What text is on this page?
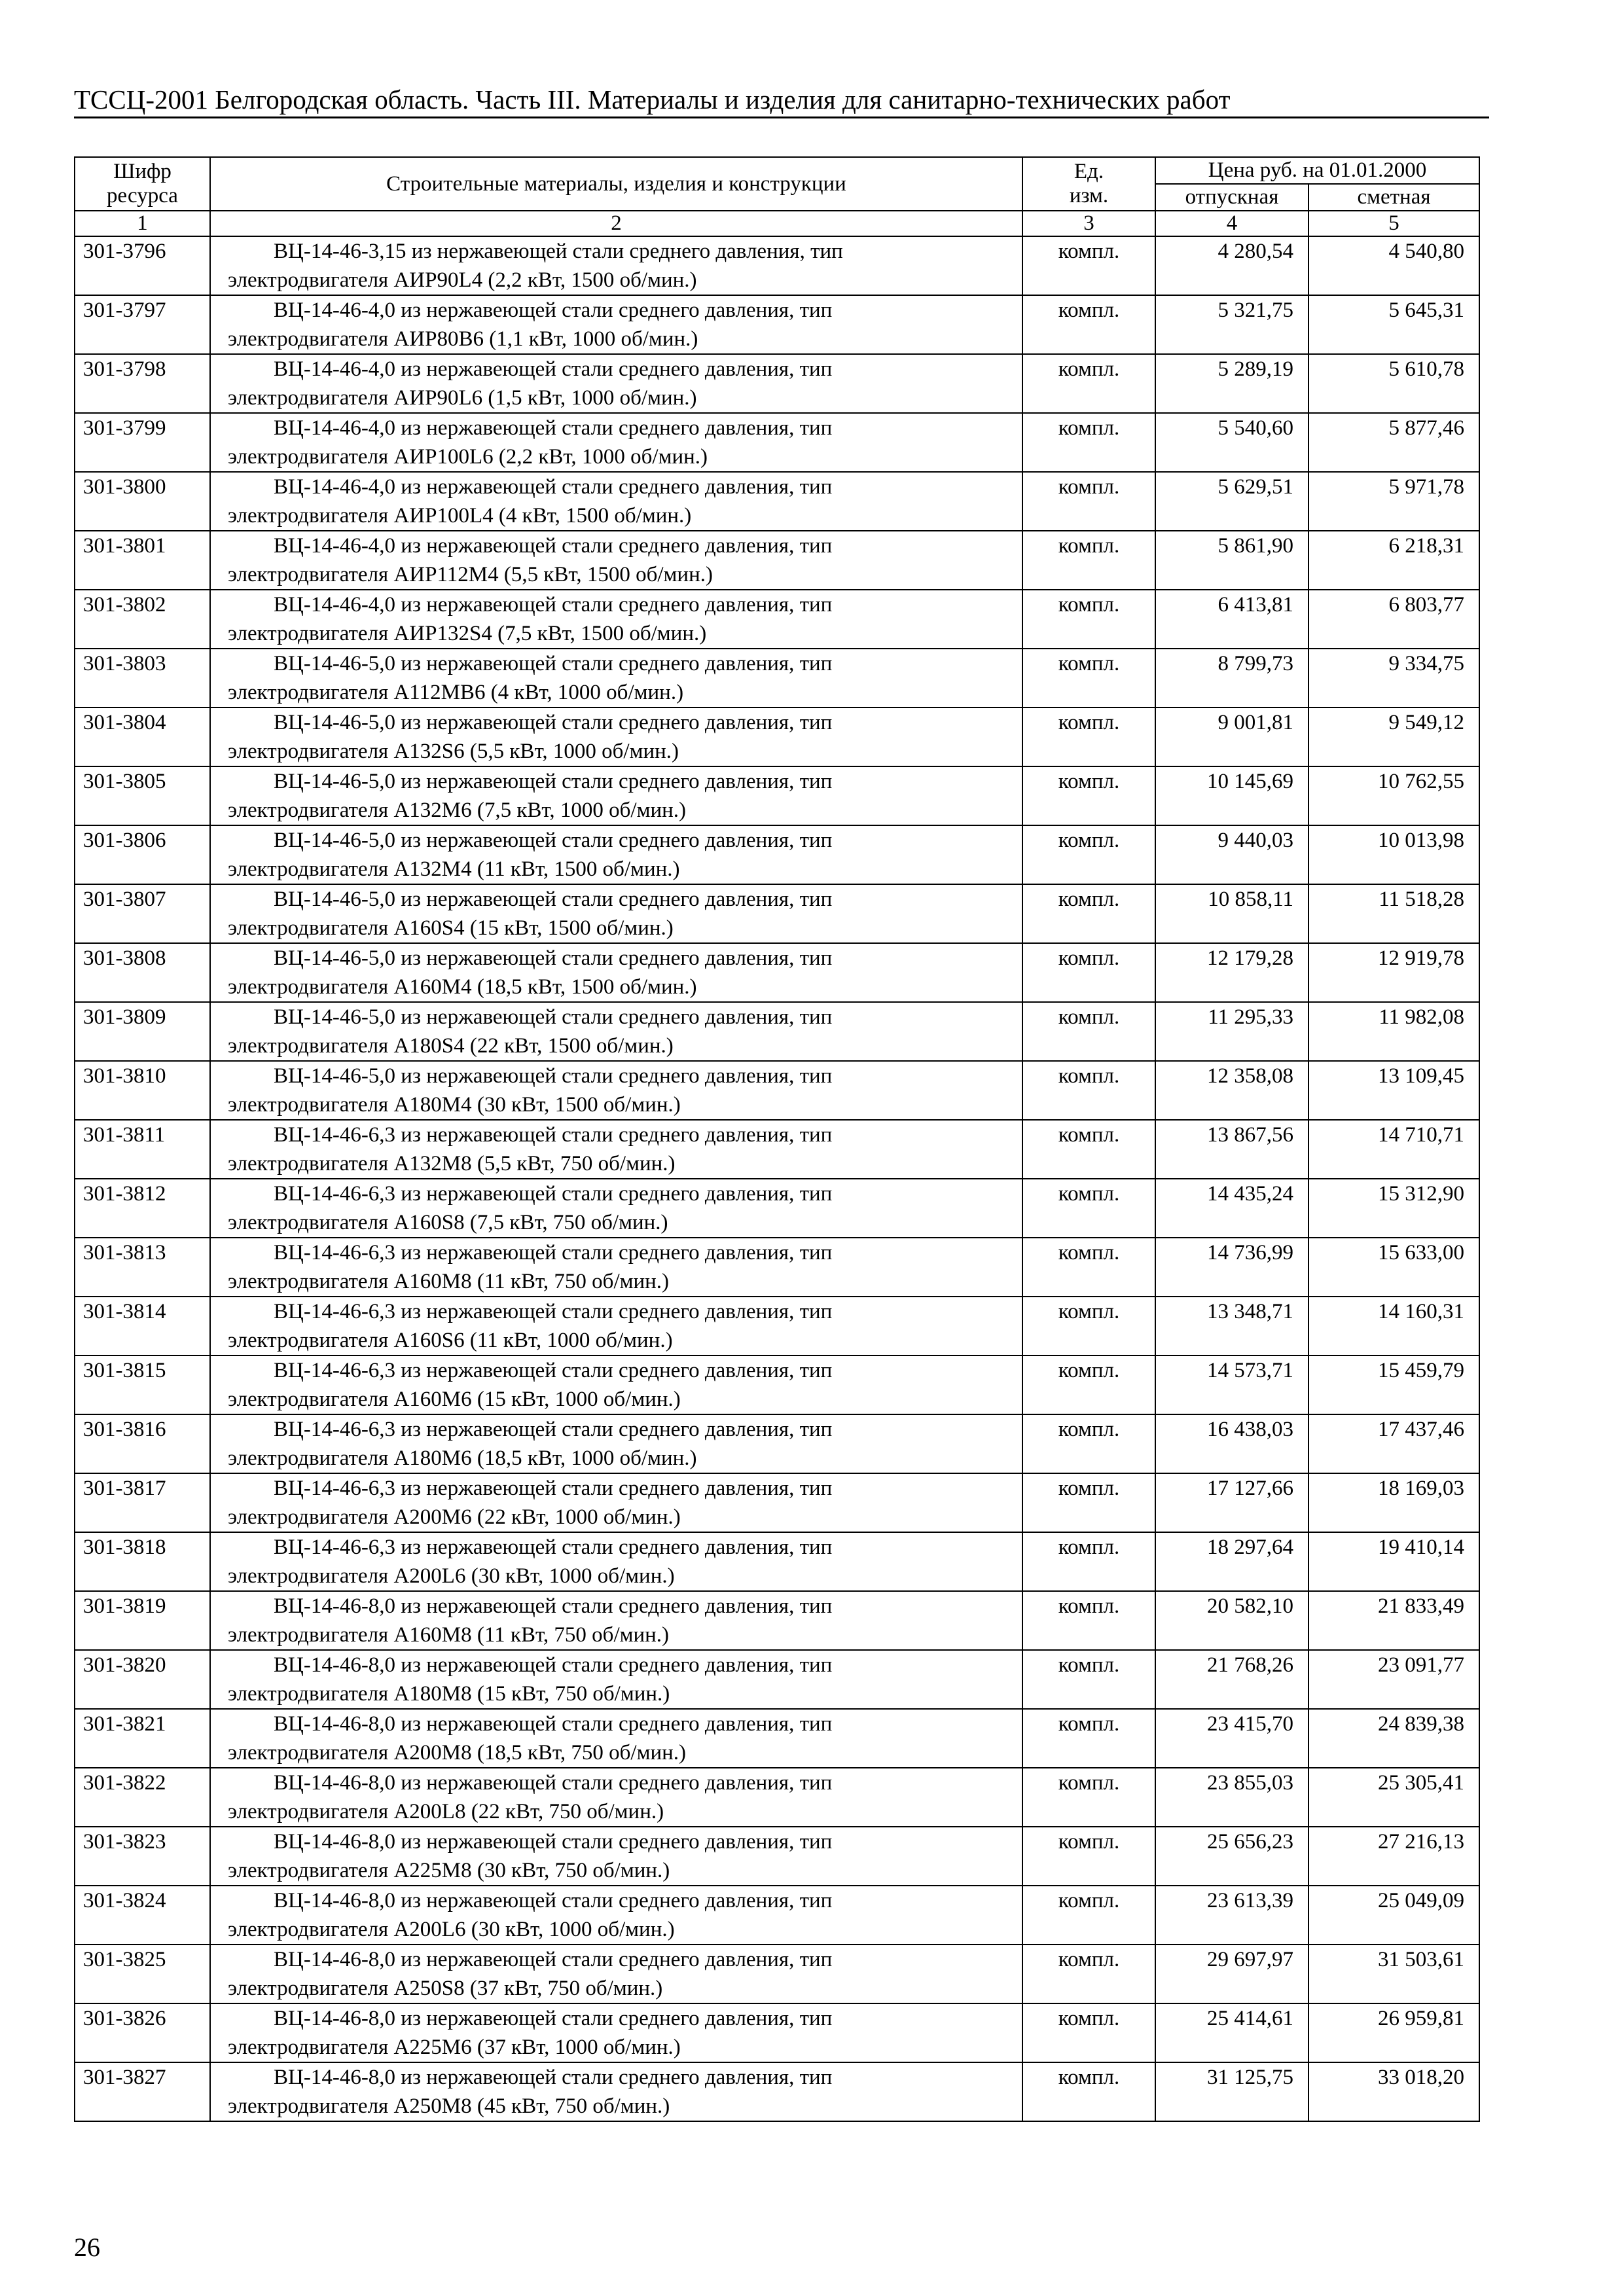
ТССЦ-2001 Белгородская область. Часть III. Материалы и изделия для санитарно-технических работ
Шифр
ресурса	Строительные материалы, изделия и конструкции	Ед.
изм.	Цена руб. на 01.01.2000	
			отпускная	сметная
1	2	3	4	5
301-3796	ВЦ-14-46-3,15 из нержавеющей стали среднего давления, тип
электродвигателя АИР90L4 (2,2 кВт, 1500 об/мин.)	компл.	4 280,54	4 540,80
301-3797	ВЦ-14-46-4,0 из нержавеющей стали среднего давления, тип
электродвигателя АИР80В6 (1,1 кВт, 1000 об/мин.)	компл.	5 321,75	5 645,31
301-3798	ВЦ-14-46-4,0 из нержавеющей стали среднего давления, тип
электродвигателя АИР90L6 (1,5 кВт, 1000 об/мин.)	компл.	5 289,19	5 610,78
301-3799	ВЦ-14-46-4,0 из нержавеющей стали среднего давления, тип
электродвигателя АИР100L6 (2,2 кВт, 1000 об/мин.)	компл.	5 540,60	5 877,46
301-3800	ВЦ-14-46-4,0 из нержавеющей стали среднего давления, тип
электродвигателя АИР100L4 (4 кВт, 1500 об/мин.)	компл.	5 629,51	5 971,78
301-3801	ВЦ-14-46-4,0 из нержавеющей стали среднего давления, тип
электродвигателя АИР112М4 (5,5 кВт, 1500 об/мин.)	компл.	5 861,90	6 218,31
301-3802	ВЦ-14-46-4,0 из нержавеющей стали среднего давления, тип
электродвигателя АИР132S4 (7,5 кВт, 1500 об/мин.)	компл.	6 413,81	6 803,77
301-3803	ВЦ-14-46-5,0 из нержавеющей стали среднего давления, тип
электродвигателя А112МВ6 (4 кВт, 1000 об/мин.)	компл.	8 799,73	9 334,75
301-3804	ВЦ-14-46-5,0 из нержавеющей стали среднего давления, тип
электродвигателя А132S6 (5,5 кВт, 1000 об/мин.)	компл.	9 001,81	9 549,12
301-3805	ВЦ-14-46-5,0 из нержавеющей стали среднего давления, тип
электродвигателя А132М6 (7,5 кВт, 1000 об/мин.)	компл.	10 145,69	10 762,55
301-3806	ВЦ-14-46-5,0 из нержавеющей стали среднего давления, тип
электродвигателя А132М4 (11 кВт, 1500 об/мин.)	компл.	9 440,03	10 013,98
301-3807	ВЦ-14-46-5,0 из нержавеющей стали среднего давления, тип
электродвигателя А160S4 (15 кВт, 1500 об/мин.)	компл.	10 858,11	11 518,28
301-3808	ВЦ-14-46-5,0 из нержавеющей стали среднего давления, тип
электродвигателя А160М4 (18,5 кВт, 1500 об/мин.)	компл.	12 179,28	12 919,78
301-3809	ВЦ-14-46-5,0 из нержавеющей стали среднего давления, тип
электродвигателя А180S4 (22 кВт, 1500 об/мин.)	компл.	11 295,33	11 982,08
301-3810	ВЦ-14-46-5,0 из нержавеющей стали среднего давления, тип
электродвигателя А180М4 (30 кВт, 1500 об/мин.)	компл.	12 358,08	13 109,45
301-3811	ВЦ-14-46-6,3 из нержавеющей стали среднего давления, тип
электродвигателя А132М8 (5,5 кВт, 750 об/мин.)	компл.	13 867,56	14 710,71
301-3812	ВЦ-14-46-6,3 из нержавеющей стали среднего давления, тип
электродвигателя А160S8 (7,5 кВт, 750 об/мин.)	компл.	14 435,24	15 312,90
301-3813	ВЦ-14-46-6,3 из нержавеющей стали среднего давления, тип
электродвигателя А160М8 (11 кВт, 750 об/мин.)	компл.	14 736,99	15 633,00
301-3814	ВЦ-14-46-6,3 из нержавеющей стали среднего давления, тип
электродвигателя А160S6 (11 кВт, 1000 об/мин.)	компл.	13 348,71	14 160,31
301-3815	ВЦ-14-46-6,3 из нержавеющей стали среднего давления, тип
электродвигателя А160М6 (15 кВт, 1000 об/мин.)	компл.	14 573,71	15 459,79
301-3816	ВЦ-14-46-6,3 из нержавеющей стали среднего давления, тип
электродвигателя А180М6 (18,5 кВт, 1000 об/мин.)	компл.	16 438,03	17 437,46
301-3817	ВЦ-14-46-6,3 из нержавеющей стали среднего давления, тип
электродвигателя А200М6 (22 кВт, 1000 об/мин.)	компл.	17 127,66	18 169,03
301-3818	ВЦ-14-46-6,3 из нержавеющей стали среднего давления, тип
электродвигателя А200L6 (30 кВт, 1000 об/мин.)	компл.	18 297,64	19 410,14
301-3819	ВЦ-14-46-8,0 из нержавеющей стали среднего давления, тип
электродвигателя А160М8 (11 кВт, 750 об/мин.)	компл.	20 582,10	21 833,49
301-3820	ВЦ-14-46-8,0 из нержавеющей стали среднего давления, тип
электродвигателя А180М8 (15 кВт, 750 об/мин.)	компл.	21 768,26	23 091,77
301-3821	ВЦ-14-46-8,0 из нержавеющей стали среднего давления, тип
электродвигателя А200М8 (18,5 кВт, 750 об/мин.)	компл.	23 415,70	24 839,38
301-3822	ВЦ-14-46-8,0 из нержавеющей стали среднего давления, тип
электродвигателя А200L8 (22 кВт, 750 об/мин.)	компл.	23 855,03	25 305,41
301-3823	ВЦ-14-46-8,0 из нержавеющей стали среднего давления, тип
электродвигателя А225М8 (30 кВт, 750 об/мин.)	компл.	25 656,23	27 216,13
301-3824	ВЦ-14-46-8,0 из нержавеющей стали среднего давления, тип
электродвигателя А200L6 (30 кВт, 1000 об/мин.)	компл.	23 613,39	25 049,09
301-3825	ВЦ-14-46-8,0 из нержавеющей стали среднего давления, тип
электродвигателя А250S8 (37 кВт, 750 об/мин.)	компл.	29 697,97	31 503,61
301-3826	ВЦ-14-46-8,0 из нержавеющей стали среднего давления, тип
электродвигателя А225М6 (37 кВт, 1000 об/мин.)	компл.	25 414,61	26 959,81
301-3827	ВЦ-14-46-8,0 из нержавеющей стали среднего давления, тип
электродвигателя А250М8 (45 кВт, 750 об/мин.)	компл.	31 125,75	33 018,20
26
